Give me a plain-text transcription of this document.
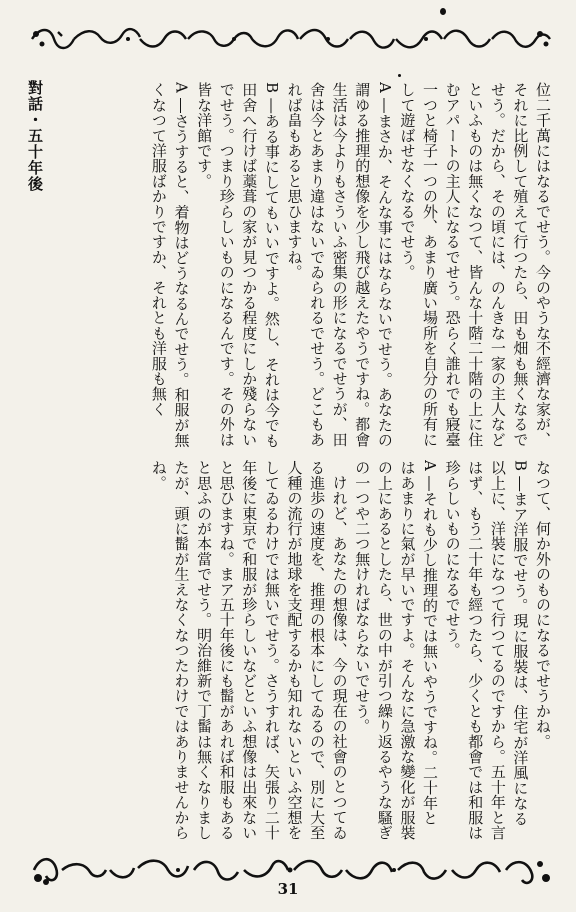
位二千萬にはなるでせう。今のやうな不經濟な家が、それに比例して殖えて行つたら、田も畑も無くなるでせう。だから、その頃には、のんきな一家の主人などといふものは無くなつて、皆んな十階二十階の上に住むアパートの主人になるでせう。恐らく誰れでも寢臺一つと椅子一つの外、あまり廣い場所を自分の所有にして遊ばせなくなるでせう。

A ―まさか、そんな事にはならないでせう。あなたの謂ゆる推理的想像を少し飛び越えたやうですね。都會生活は今よりもさういふ密集の形になるでせうが、田舍は今とあまり違はないでゐられるでせう。どこもあれば畠もあると思ひますね。

B ―ある事にしてもいいですよ。然し、それは今でも田舍へ行けば藁葺の家が見つかる程度にしか殘らないでせう。つまり珍らしいものになるんです。その外は皆な洋館です。

A ―さうすると、着物はどうなるんでせう。和服が無くなつて洋服ばかりですか、それとも洋服も無く

對話・五十年後

なつて、何か外のものになるでせうかね。

B ―まア洋服でせう。現に服裝は、住宅が洋風になる以上に、洋裝になつて行つてるのですから。五十年と言はず、もう二十年も經つたら、少くとも都會では和服は珍らしいものになるでせう。

A ―それも少し推理的では無いやうですね。二十年とはあまりに氣が早いですよ。そんなに急激な變化が服裝の上にあるとしたら、世の中が引つ繰り返るやうな騷ぎの一つや二つ無ければならないでせう。

けれど、あなたの想像は、今の現在の社會のとつてゐる進歩の速度を、推理の根本にしてゐるので、別に大至人種の流行が地球を支配するかも知れないといふ空想をしてゐるわけでは無いでせう。さうすれば、矢張り二十年後に東京で和服が珍らしいなどといふ想像は出來ないと思ひますね。まア五十年後にも髷があれば和服もあると思ふのが本當でせう。明治維新で丁髷は無くなりましたが、頭に髷が生えなくなつたわけではありませんからね。

31
